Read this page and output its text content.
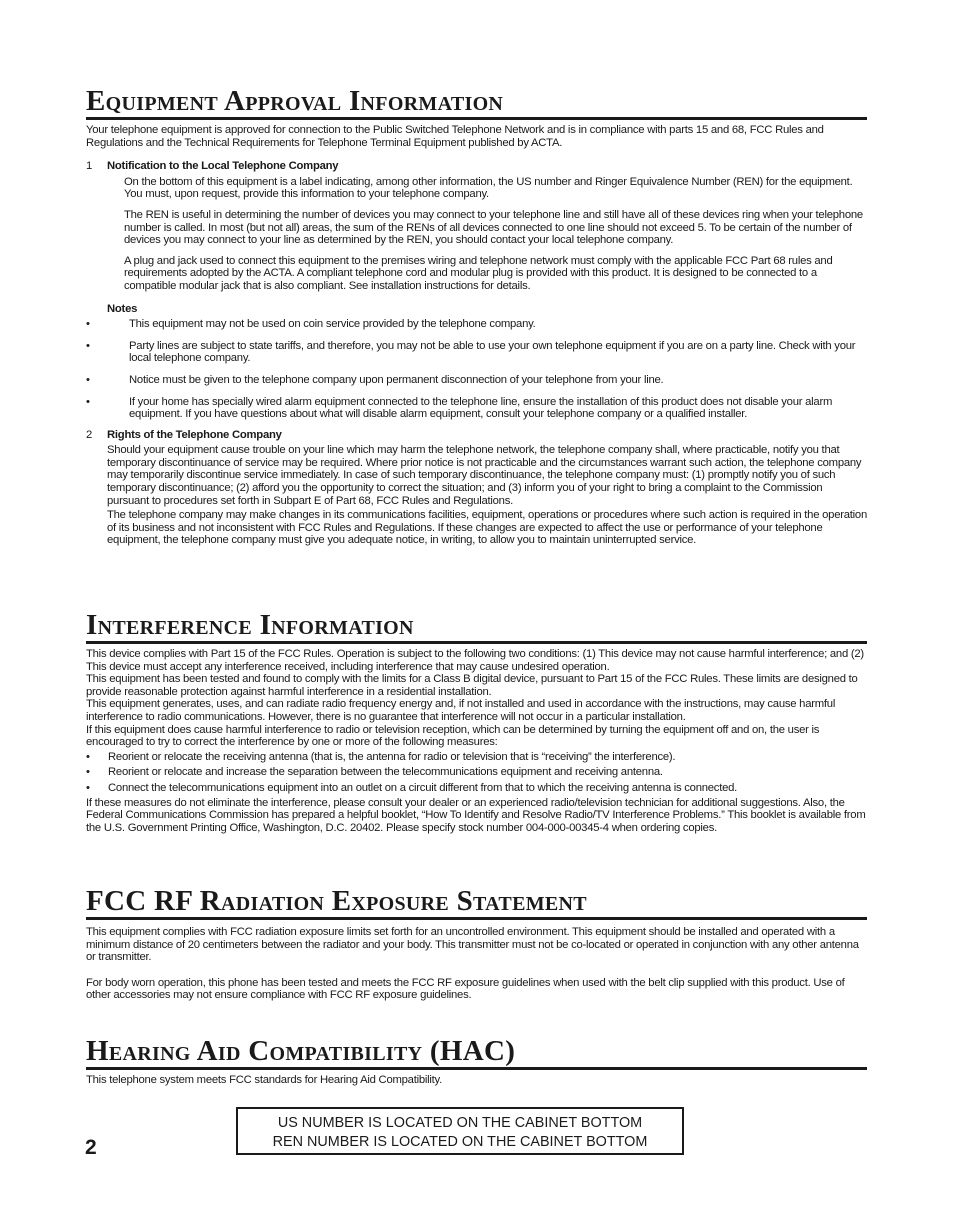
Equipment Approval Information

Your telephone equipment is approved for connection to the Public Switched Telephone Network and is in compliance with parts 15 and 68, FCC Rules and Regulations and the Technical Requirements for Telephone Terminal Equipment published by ACTA.

1 Notification to the Local Telephone Company

On the bottom of this equipment is a label indicating, among other information, the US number and Ringer Equivalence Number (REN) for the equipment. You must, upon request, provide this information to your telephone company.

The REN is useful in determining the number of devices you may connect to your telephone line and still have all of these devices ring when your telephone number is called. In most (but not all) areas, the sum of the RENs of all devices connected to one line should not exceed 5. To be certain of the number of devices you may connect to your line as determined by the REN, you should contact your local telephone company.

A plug and jack used to connect this equipment to the premises wiring and telephone network must comply with the applicable FCC Part 68 rules and requirements adopted by the ACTA. A compliant telephone cord and modular plug is provided with this product. It is designed to be connected to a compatible modular jack that is also compliant. See installation instructions for details.

Notes
• This equipment may not be used on coin service provided by the telephone company.
• Party lines are subject to state tariffs, and therefore, you may not be able to use your own telephone equipment if you are on a party line. Check with your local telephone company.
• Notice must be given to the telephone company upon permanent disconnection of your telephone from your line.
• If your home has specially wired alarm equipment connected to the telephone line, ensure the installation of this product does not disable your alarm equipment. If you have questions about what will disable alarm equipment, consult your telephone company or a qualified installer.
2 Rights of the Telephone Company

Should your equipment cause trouble on your line which may harm the telephone network, the telephone company shall, where practicable, notify you that temporary discontinuance of service may be required. Where prior notice is not practicable and the circumstances warrant such action, the telephone company may temporarily discontinue service immediately. In case of such temporary discontinuance, the telephone company must: (1) promptly notify you of such temporary discontinuance; (2) afford you the opportunity to correct the situation; and (3) inform you of your right to bring a complaint to the Commission pursuant to procedures set forth in Subpart E of Part 68, FCC Rules and Regulations.

The telephone company may make changes in its communications facilities, equipment, operations or procedures where such action is required in the operation of its business and not inconsistent with FCC Rules and Regulations. If these changes are expected to affect the use or performance of your telephone equipment, the telephone company must give you adequate notice, in writing, to allow you to maintain uninterrupted service.

Interference Information

This device complies with Part 15 of the FCC Rules. Operation is subject to the following two conditions: (1) This device may not cause harmful interference; and (2) This device must accept any interference received, including interference that may cause undesired operation.

This equipment has been tested and found to comply with the limits for a Class B digital device, pursuant to Part 15 of the FCC Rules. These limits are designed to provide reasonable protection against harmful interference in a residential installation.

This equipment generates, uses, and can radiate radio frequency energy and, if not installed and used in accordance with the instructions, may cause harmful interference to radio communications. However, there is no guarantee that interference will not occur in a particular installation.

If this equipment does cause harmful interference to radio or television reception, which can be determined by turning the equipment off and on, the user is encouraged to try to correct the interference by one or more of the following measures:

• Reorient or relocate the receiving antenna (that is, the antenna for radio or television that is “receiving” the interference).
• Reorient or relocate and increase the separation between the telecommunications equipment and receiving antenna.
• Connect the telecommunications equipment into an outlet on a circuit different from that to which the receiving antenna is connected.

If these measures do not eliminate the interference, please consult your dealer or an experienced radio/television technician for additional suggestions. Also, the Federal Communications Commission has prepared a helpful booklet, “How To Identify and Resolve Radio/TV Interference Problems.” This booklet is available from the U.S. Government Printing Office, Washington, D.C. 20402. Please specify stock number 004-000-00345-4 when ordering copies.

FCC RF Radiation Exposure Statement

This equipment complies with FCC radiation exposure limits set forth for an uncontrolled environment. This equipment should be installed and operated with a minimum distance of 20 centimeters between the radiator and your body. This transmitter must not be co-located or operated in conjunction with any other antenna or transmitter.

For body worn operation, this phone has been tested and meets the FCC RF exposure guidelines when used with the belt clip supplied with this product. Use of other accessories may not ensure compliance with FCC RF exposure guidelines.

Hearing Aid Compatibility (HAC)

This telephone system meets FCC standards for Hearing Aid Compatibility.

2
US NUMBER IS LOCATED ON THE CABINET BOTTOM
REN NUMBER IS LOCATED ON THE CABINET BOTTOM
